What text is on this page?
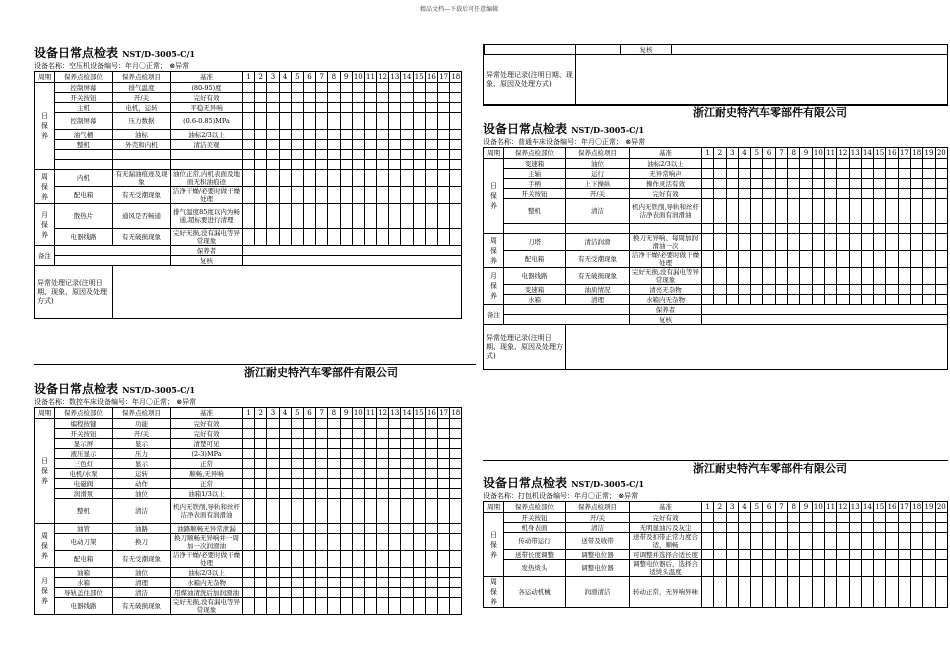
精品文档---下载后可任意编辑
设备日常点检表 NST/D-3005-C/1
设备名称：空压机设备编号：年月〇正常； ⊗异常
周期	保养点检部位	保养点检项目	基准	1	2	3	4	5	6	7	8	9	10	11	12	13	14	15	16	17	18
日保养	控制屏幕	排气温度	(80-95)度																		
	开关按钮	开/关	完好有效																		
	主机	电机，运转	平稳无异响																		
	控制屏幕	压力数据	(0.6-0.85)MPa																		
	油气桶	油标	油标2/3以上																		
	整机	外壳和内机	清洁美观																		

周保养	内机	有无漏油痕迹及现象	油位正常,内机表面及地面无积油痕迹																		
	配电箱	有无受潮现象	洁净干燥/必要时做干燥处理																		
月保养	散热片	通风是否畅通	排气温度85度以内为畅通,超标要进行清理																		
	电器线路	有无破损现象	完好无损,没有漏电等异常现象																		
备注			保养者																		
			复核																		
异常处理记录(注明日期、现象、原因及处理方式)																					
浙江耐史特汽车零部件有限公司
设备日常点检表 NST/D-3005-C/1
设备名称：数控车床设备编号：年月〇正常； ⊗异常
周期	保养点检部位	保养点检项目	基准	1	2	3	4	5	6	7	8	9	10	11	12	13	14	15	16	17	18
日保养	编程按键	功能	完好有效																		
	开关按钮	开/关	完好有效																		
	显示屏	显示	清楚可见																		
	液压显示	压力	(2-3)MPa																		
	三色灯	显示	正常																		
	电机/水泵	运转	顺畅,无异响																		
	电磁阀	动作	正常																		
	润滑泵	油位	油箱1/3以上																		
	整机	清洁	机内无铁削,导轨和丝杆洁净表面有润滑油																		
周保养	油管	油路	油路顺畅无异常泄漏																		
	电动刀架	换刀	换刀顺畅无异响并一周加一次润滑油																		
	配电箱	有无受潮现象	洁净干燥/必要时做干燥处理																		
月保养	油箱	油位	油标2/3以上																		
	水箱	清理	水箱内无杂物																		
	导轨盖住部位	清洁	用煤油清洗后加润滑油																		
	电器线路	有无破损现象	完好无损,没有漏电等异常现象																		
			复核	
异常处理记录(注明日期、现象、原因及处理方式)			
浙江耐史特汽车零部件有限公司
设备日常点检表 NST/D-3005-C/1
设备名称：普通车床设备编号：年月〇正常； ⊗异常
周期	保养点检部位	保养点检项目	基准	1	2	3	4	5	6	7	8	9	10	11	12	13	14	15	16	17	18	19	20
日保养	变速箱	油位	油标2/3以上																				
	主轴	运行	无异常响声																				
	手柄	上下操纵	操作灵活有效																				
	开关按钮	开/关	完好有效																				
	整机	清洁	机内无铁削,导轨和丝杆洁净表面有润滑油																				

周保养	刀塔	清洁润滑	换刀无异响、每周加润滑油一次																				
	配电箱	有无受潮现象	洁净干燥/必要时做干燥处理																				
月保养	电器线路	有无破损现象	完好无损,没有漏电等异常现象																				
	变速箱	油质情况	清亮无杂物																				
	水箱	清理	水箱内无杂物																				
备注			保养者																				
			复核																				
异常处理记录(注明日期、现象、原因及处理方式)																							
浙江耐史特汽车零部件有限公司
设备日常点检表 NST/D-3005-C/1
设备名称：打包机设备编号：年月〇正常； ⊗异常
周期	保养点检部位	保养点检项目	基准	1	2	3	4	5	6	7	8	9	10	11	12	13	14	15	16	17	18	19	20
日保养	开关按钮	开/关	完好有效																				
	机身表面	清洁	无明显油污及灰尘																				
	传动带运行	送带及收带	送带及扣带正常力度合适，顺畅																				
	送带长度调整	调整电位器	可调整并选择合适长度																				
	发热烫头	调整电位器	调整电位器后，选择合适烫头温度																				
周保养	各运动机械	润滑清洁	转动正常，无异响异味																				
